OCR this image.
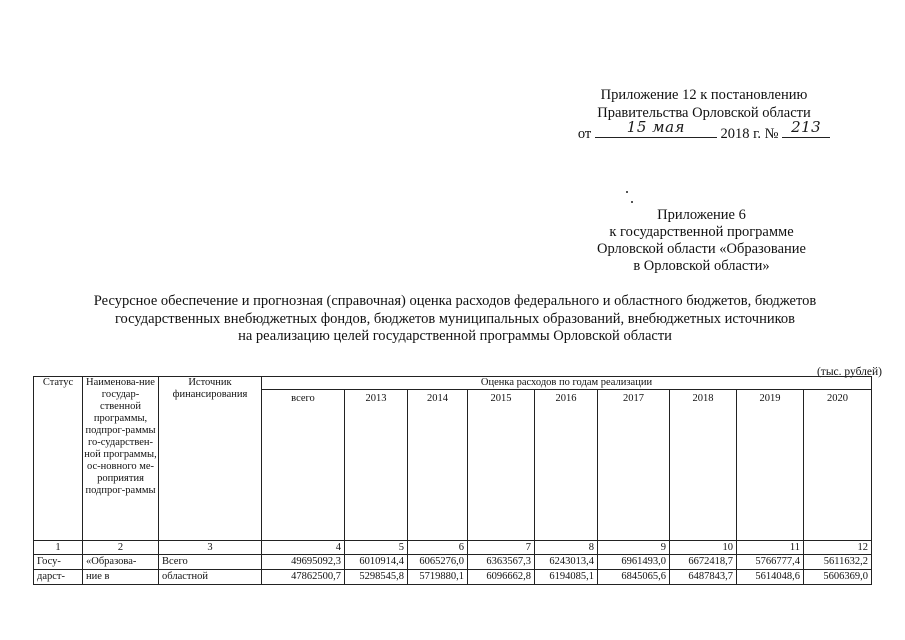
Приложение 12 к постановлению
Правительства Орловской области
от	15 мая	2018 г. № 213
Приложение 6
к государственной программе
Орловской области «Образование
в Орловской области»
Ресурсное обеспечение и прогнозная (справочная) оценка расходов федерального и областного бюджетов, бюджетов
государственных внебюджетных фондов, бюджетов муниципальных образований, внебюджетных источников
на реализацию целей государственной программы Орловской области
(тыс. рублей)
Статус	Наименова-ние государ-ственной программы, подпрог-раммы го-сударствен-ной программы, ос-новного ме-роприятия подпрог-раммы	Источник финансирования	Оценка расходов по годам реализации								
			всего	2013	2014	2015	2016	2017	2018	2019	2020
1	2	3	4	5	6	7	8	9	10	11	12
Госу-	«Образова-	Всего	49695092,3	6010914,4	6065276,0	6363567,3	6243013,4	6961493,0	6672418,7	5766777,4	5611632,2
дарст-	ние в	областной	47862500,7	5298545,8	5719880,1	6096662,8	6194085,1	6845065,6	6487843,7	5614048,6	5606369,0
